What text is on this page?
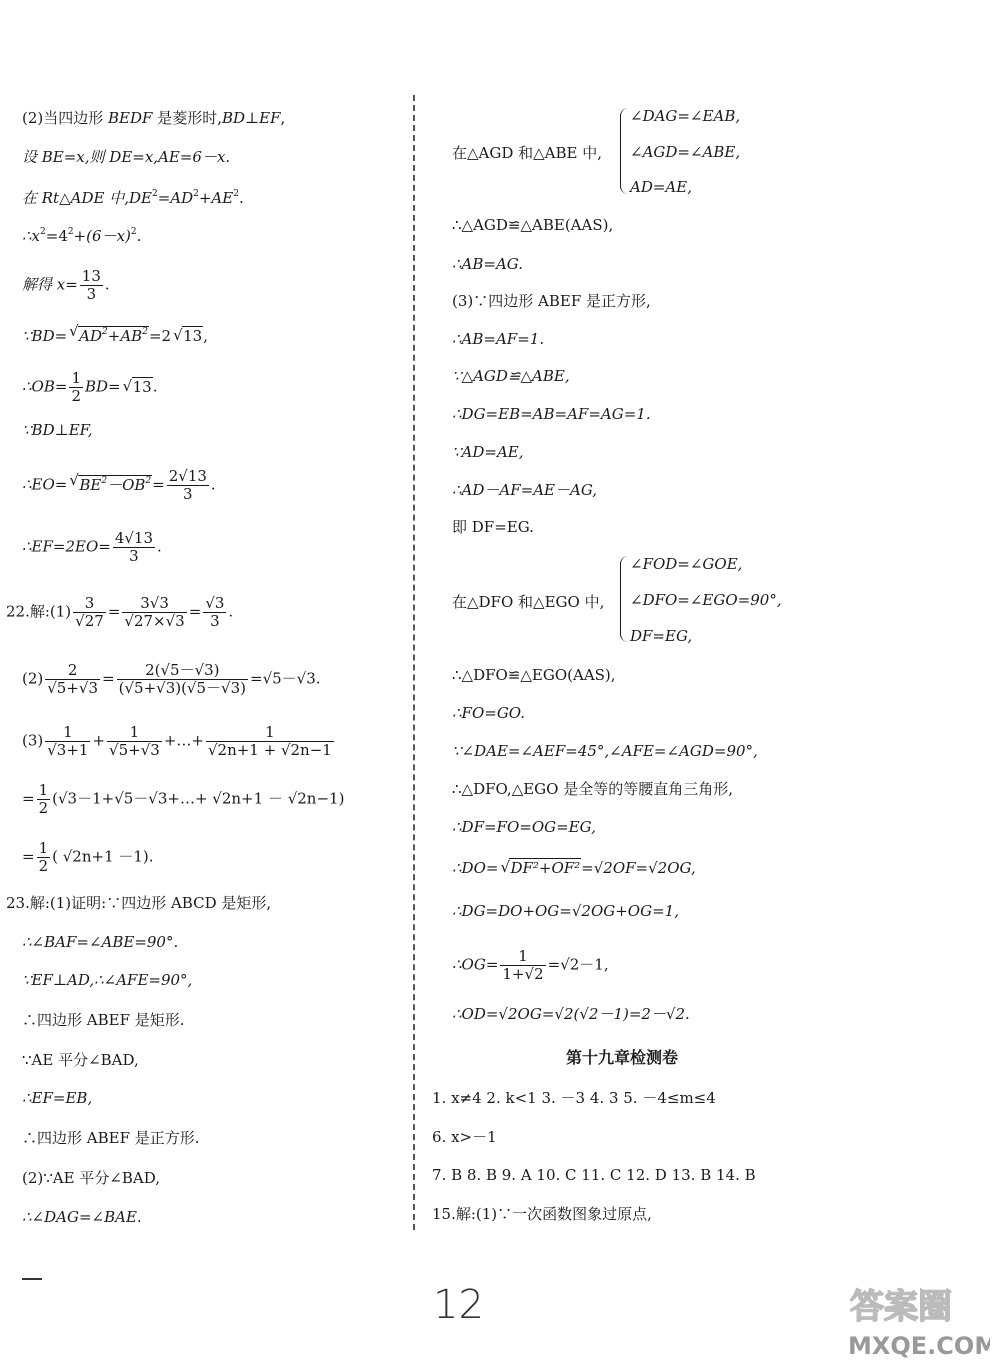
(2)当四边形 BEDF 是菱形时,BD⊥EF,
设 BE=x,则 DE=x,AE=6－x.
在 Rt△ADE 中$,DE^2=AD^2+AE^2$.
$\therefore x^2=4^2+(6-x)^2$.
解得 $x= \frac{13}{3}$ .
∵BD=√ $AD^2+AB^2=2√$ 13,
∴OB= $\frac{1}{2} BD=√$ 13.
∵BD⊥EF,
∴EO=√ $BE^2-OB^2= \frac{2√13}{3}$ .
∴EF=2EO= $\frac{4√13}{3}$ .
22.解:(1) $\frac{3}{√27} = \frac{3√3}{√27\times√3} = \frac{√3}{3}$ .
$(2) \frac{2}{√5+√3} = \frac{2(√5-√3)}{(√5+√3)(√5-√3)} =√5-√3$.
$(3) \frac{1}{√3+1} + \frac{1}{√5+√3}$ +…+ $\frac{1}{√2n+1 + √2n-1}$
= $\frac{1}{2}$ (√3－1+√5－√3+…+ √2n+1 － √2n−1)
= $\frac{1}{2}$ ( √2n+1 －1).
23.解:(1)证明:∵四边形 ABCD 是矩形,
∴∠BAF=∠ABE=90°.
∵EF⊥AD,∴∠AFE=90°,
∴四边形 ABEF 是矩形.
∵AE 平分∠BAD,
∴EF=EB,
∴四边形 ABEF 是正方形.
(2)∵AE 平分∠BAD,
∴∠DAG=∠BAE.
在△AGD 和△ABE 中,
∠DAG=∠EAB,
∠AGD=∠ABE,
AD=AE,
∴△AGD≌△ABE(AAS),
∴AB=AG.
(3)∵四边形 ABEF 是正方形,
∴AB=AF=1.
∵△AGD≌△ABE,
∴DG=EB=AB=AF=AG=1.
∵AD=AE,
∴AD－AF=AE－AG,
即 DF=EG.
在△DFO 和△EGO 中,
∠FOD=∠GOE,
∠DFO=∠EGO=90°,
DF=EG,
∴△DFO≌△EGO(AAS),
∴FO=GO.
∵∠DAE=∠AEF=45°,∠AFE=∠AGD=90°,
∴△DFO,△EGO 是全等的等腰直角三角形,
∴DF=FO=OG=EG,
∴DO=√ DF²+OF²=√2OF=√2OG,
∴DG=DO+OG=√2OG+OG=1,
∴OG= $\frac{1}{1+√2} =√2-1$,
∴OD=√2OG=√2(√2－1)=2－√2.
第十九章检测卷
1. x≠4 2. k<1 3. －3 4. 3 5. －4≤m≤4
6. x>－1
7. B 8. B 9. A 10. C 11. C 12. D 13. B 14. B
15.解:(1)∵一次函数图象过原点,
12	答案圈
MXQE.COM
